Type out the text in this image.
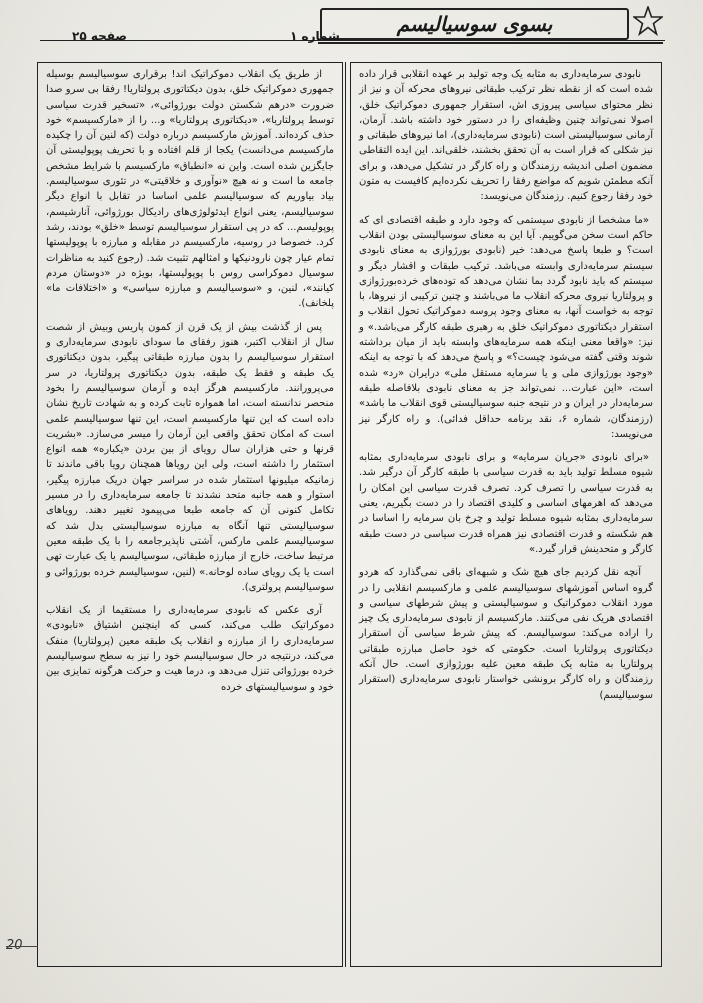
بسوی سوسیالیسم
شماره ۱
صفحه ۲۵

نابودی سرمایه‌داری به مثابه یک وجه تولید بر عهده انقلابی قرار داده شده است که از نقطه نظر ترکیب طبقاتی نیروهای محرکه آن و نیز از نظر محتوای سیاسی پیروزی اش، استقرار جمهوری دموکراتیک خلق، اصولا نمی‌تواند چنین وظیفه‌ای را در دستور خود داشته باشد. آرمان، آرمانی سوسیالیستی است (نابودی سرمایه‌داری)، اما نیروهای طبقاتی و نیز شکلی که قرار است به آن تحقق بخشند، خلقی‌اند. این ایده التقاطی مضمون اصلی اندیشه رزمندگان و راه کارگر در تشکیل می‌دهد، و برای آنکه مطمئن شویم که مواضع رفقا را تحریف نکرده‌ایم کافیست به متون خود رفقا رجوع کنیم. رزمندگان می‌نویسد:

«ما مشخصا از نابودی سیستمی که وجود دارد و طبقه اقتصادی ای که حاکم است سخن می‌گوییم. آیا این به معنای سوسیالیستی بودن انقلاب است؟ و طبعا پاسخ می‌دهد: خیر (نابودی بورژوازی به معنای نابودی سیستم سرمایه‌داری وابسته می‌باشد. ترکیب طبقات و اقشار دیگر و سیستم که باید نابود گردد بما نشان می‌دهد که توده‌های خرده‌بورژوازی و پرولتاریا نیروی محرکه انقلاب ما می‌باشند و چنین ترکیبی از نیروها، با توجه به خواست آنها، به معنای وجود پروسه دموکراتیک تحول انقلاب و استقرار دیکتاتوری دموکراتیک خلق به رهبری طبقه کارگر می‌باشد.» و نیز: «واقعا معنی اینکه همه سرمایه‌های وابسته باید از میان برداشته شوند وقتی گفته می‌شود چیست؟» و پاسخ می‌دهد که با توجه به اینکه «وجود بورژوازی ملی و یا سرمایه مستقل ملی» درایران «رد» شده است، «این عبارت... نمی‌تواند جز به معنای نابودی بلافاصله طبقه سرمایه‌دار در ایران و در نتیجه جنبه سوسیالیستی قوی انقلاب ما باشد» (رزمندگان، شماره ۶، نقد برنامه حداقل فدائی). و راه کارگر نیز می‌نویسد:

«برای نابودی «جریان سرمایه» و برای نابودی سرمایه‌داری بمثابه شیوه مسلط تولید باید به قدرت سیاسی با طبقه کارگر آن درگیر شد. به قدرت سیاسی را تصرف کرد. تصرف قدرت سیاسی این امکان را می‌دهد که اهرمهای اساسی و کلیدی اقتصاد را در دست بگیریم، یعنی سرمایه‌داری بمثابه شیوه مسلط تولید و چرخ بان سرمایه را اساسا در هم شکسته و قدرت اقتصادی نیز همراه قدرت سیاسی در دست طبقه کارگر و متحدینش قرار گیرد.»

آنچه نقل کردیم جای هیچ شک و شبهه‌ای باقی نمی‌گذارد که هردو گروه اساس آموزشهای سوسیالیسم علمی و مارکسیسم انقلابی را در مورد انقلاب دموکراتیک و سوسیالیستی و پیش شرطهای سیاسی و اقتصادی هریک نفی می‌کنند. مارکسیسم از نابودی سرمایه‌داری یک چیز را اراده می‌کند: سوسیالیسم. که پیش شرط سیاسی آن استقرار دیکتاتوری پرولتاریا است. حکومتی که خود حاصل مبارزه طبقاتی پرولتاریا به مثابه یک طبقه معین علیه بورژوازی است. حال آنکه رزمندگان و راه کارگر برونشی خواستار نابودی سرمایه‌داری (استقرار سوسیالیسم)

از طریق یک انقلاب دموکراتیک اند! برقراری سوسیالیسم بوسیله جمهوری دموکراتیک خلق، بدون دیکتاتوری پرولتاریا! رفقا بی سرو صدا ضرورت «درهم شکستن دولت بورژوائی»، «تسخیر قدرت سیاسی توسط پرولتاریا»، «دیکتاتوری پرولتاریا» و... را از «مارکسیسم» خود حذف کرده‌اند. آموزش مارکسیسم درباره دولت (که لنین آن را چکیده مارکسیسم می‌دانست) یکجا از قلم افتاده و با تحریف پوپولیستی آن جایگزین شده است. واین نه «انطباق» مارکسیسم با شرایط مشخص جامعه ما است و نه هیچ «نوآوری و خلاقیتی» در تئوری سوسیالیسم. بیاد بیاوریم که سوسیالیسم علمی اساسا در تقابل با انواع دیگر سوسیالیسم، یعنی انواع ایدئولوژی‌های رادیکال بورژوائی، آنارشیسم، پوپولیسم... که در پی استقرار سوسیالیسم توسط «خلق» بودند، رشد کرد. خصوصا در روسیه، مارکسیسم در مقابله و مبارزه با پوپولیستها تمام عیار چون نارودنیکها و امثالهم تثبیت شد. (رجوع کنید به مناظرات سوسیال دموکراسی روس با پوپولیستها، بویژه در «دوستان مردم کیانند»، لنین، و «سوسیالیسم و مبارزه سیاسی» و «اختلافات ما» پلخانف).

پس از گذشت بیش از یک قرن از کمون پاریس وبیش از شصت سال از انقلاب اکتبر، هنوز رفقای ما سودای نابودی سرمایه‌داری و استقرار سوسیالیسم را بدون مبارزه طبقاتی پیگیر، بدون دیکتاتوری یک طبقه و فقط یک طبقه، بدون دیکتاتوری پرولتاریا، در سر می‌پرورانند. مارکسیسم هرگز ایده و آرمان سوسیالیسم را بخود منحصر ندانسته است، اما همواره ثابت کرده و به شهادت تاریخ نشان داده است که این تنها مارکسیسم است، این تنها سوسیالیسم علمی است که امکان تحقق واقعی این آرمان را میسر می‌سازد. «بشریت قرنها و حتی هزاران سال رویای از بین بردن «یکباره» همه انواع استثمار را داشته است، ولی این رویاها همچنان رویا باقی ماندند تا زمانیکه میلیونها استثمار شده در سراسر جهان دریک مبارزه پیگیر، استوار و همه جانبه متحد نشدند تا جامعه سرمایه‌داری را در مسیر تکامل کنونی آن که جامعه طبعا می‌پیمود تغییر دهند. رویاهای سوسیالیستی تنها آنگاه به مبارزه سوسیالیستی بدل شد که سوسیالیسم علمی مارکس، آشتی ناپذیرجامعه را با یک طبقه معین مرتبط ساخت، خارج از مبارزه طبقاتی، سوسیالیسم یا یک عبارت تهی است یا یک رویای ساده لوحانه.» (لنین، سوسیالیسم خرده بورژوائی و سوسیالیسم پرولتری).

آری عکس که نابودی سرمایه‌داری را مستقیما از یک انقلاب دموکراتیک طلب می‌کند، کسی که اینچنین اشتیاق «نابودی» سرمایه‌داری را از مبارزه و انقلاب یک طبقه معین (پرولتاریا) منفک می‌کند، درنتیجه در حال سوسیالیسم خود را نیز به سطح سوسیالیسم خرده بورژوائی تنزل می‌دهد و، درما هیت و حرکت هرگونه تمایزی بین خود و سوسیالیستهای خرده

20
